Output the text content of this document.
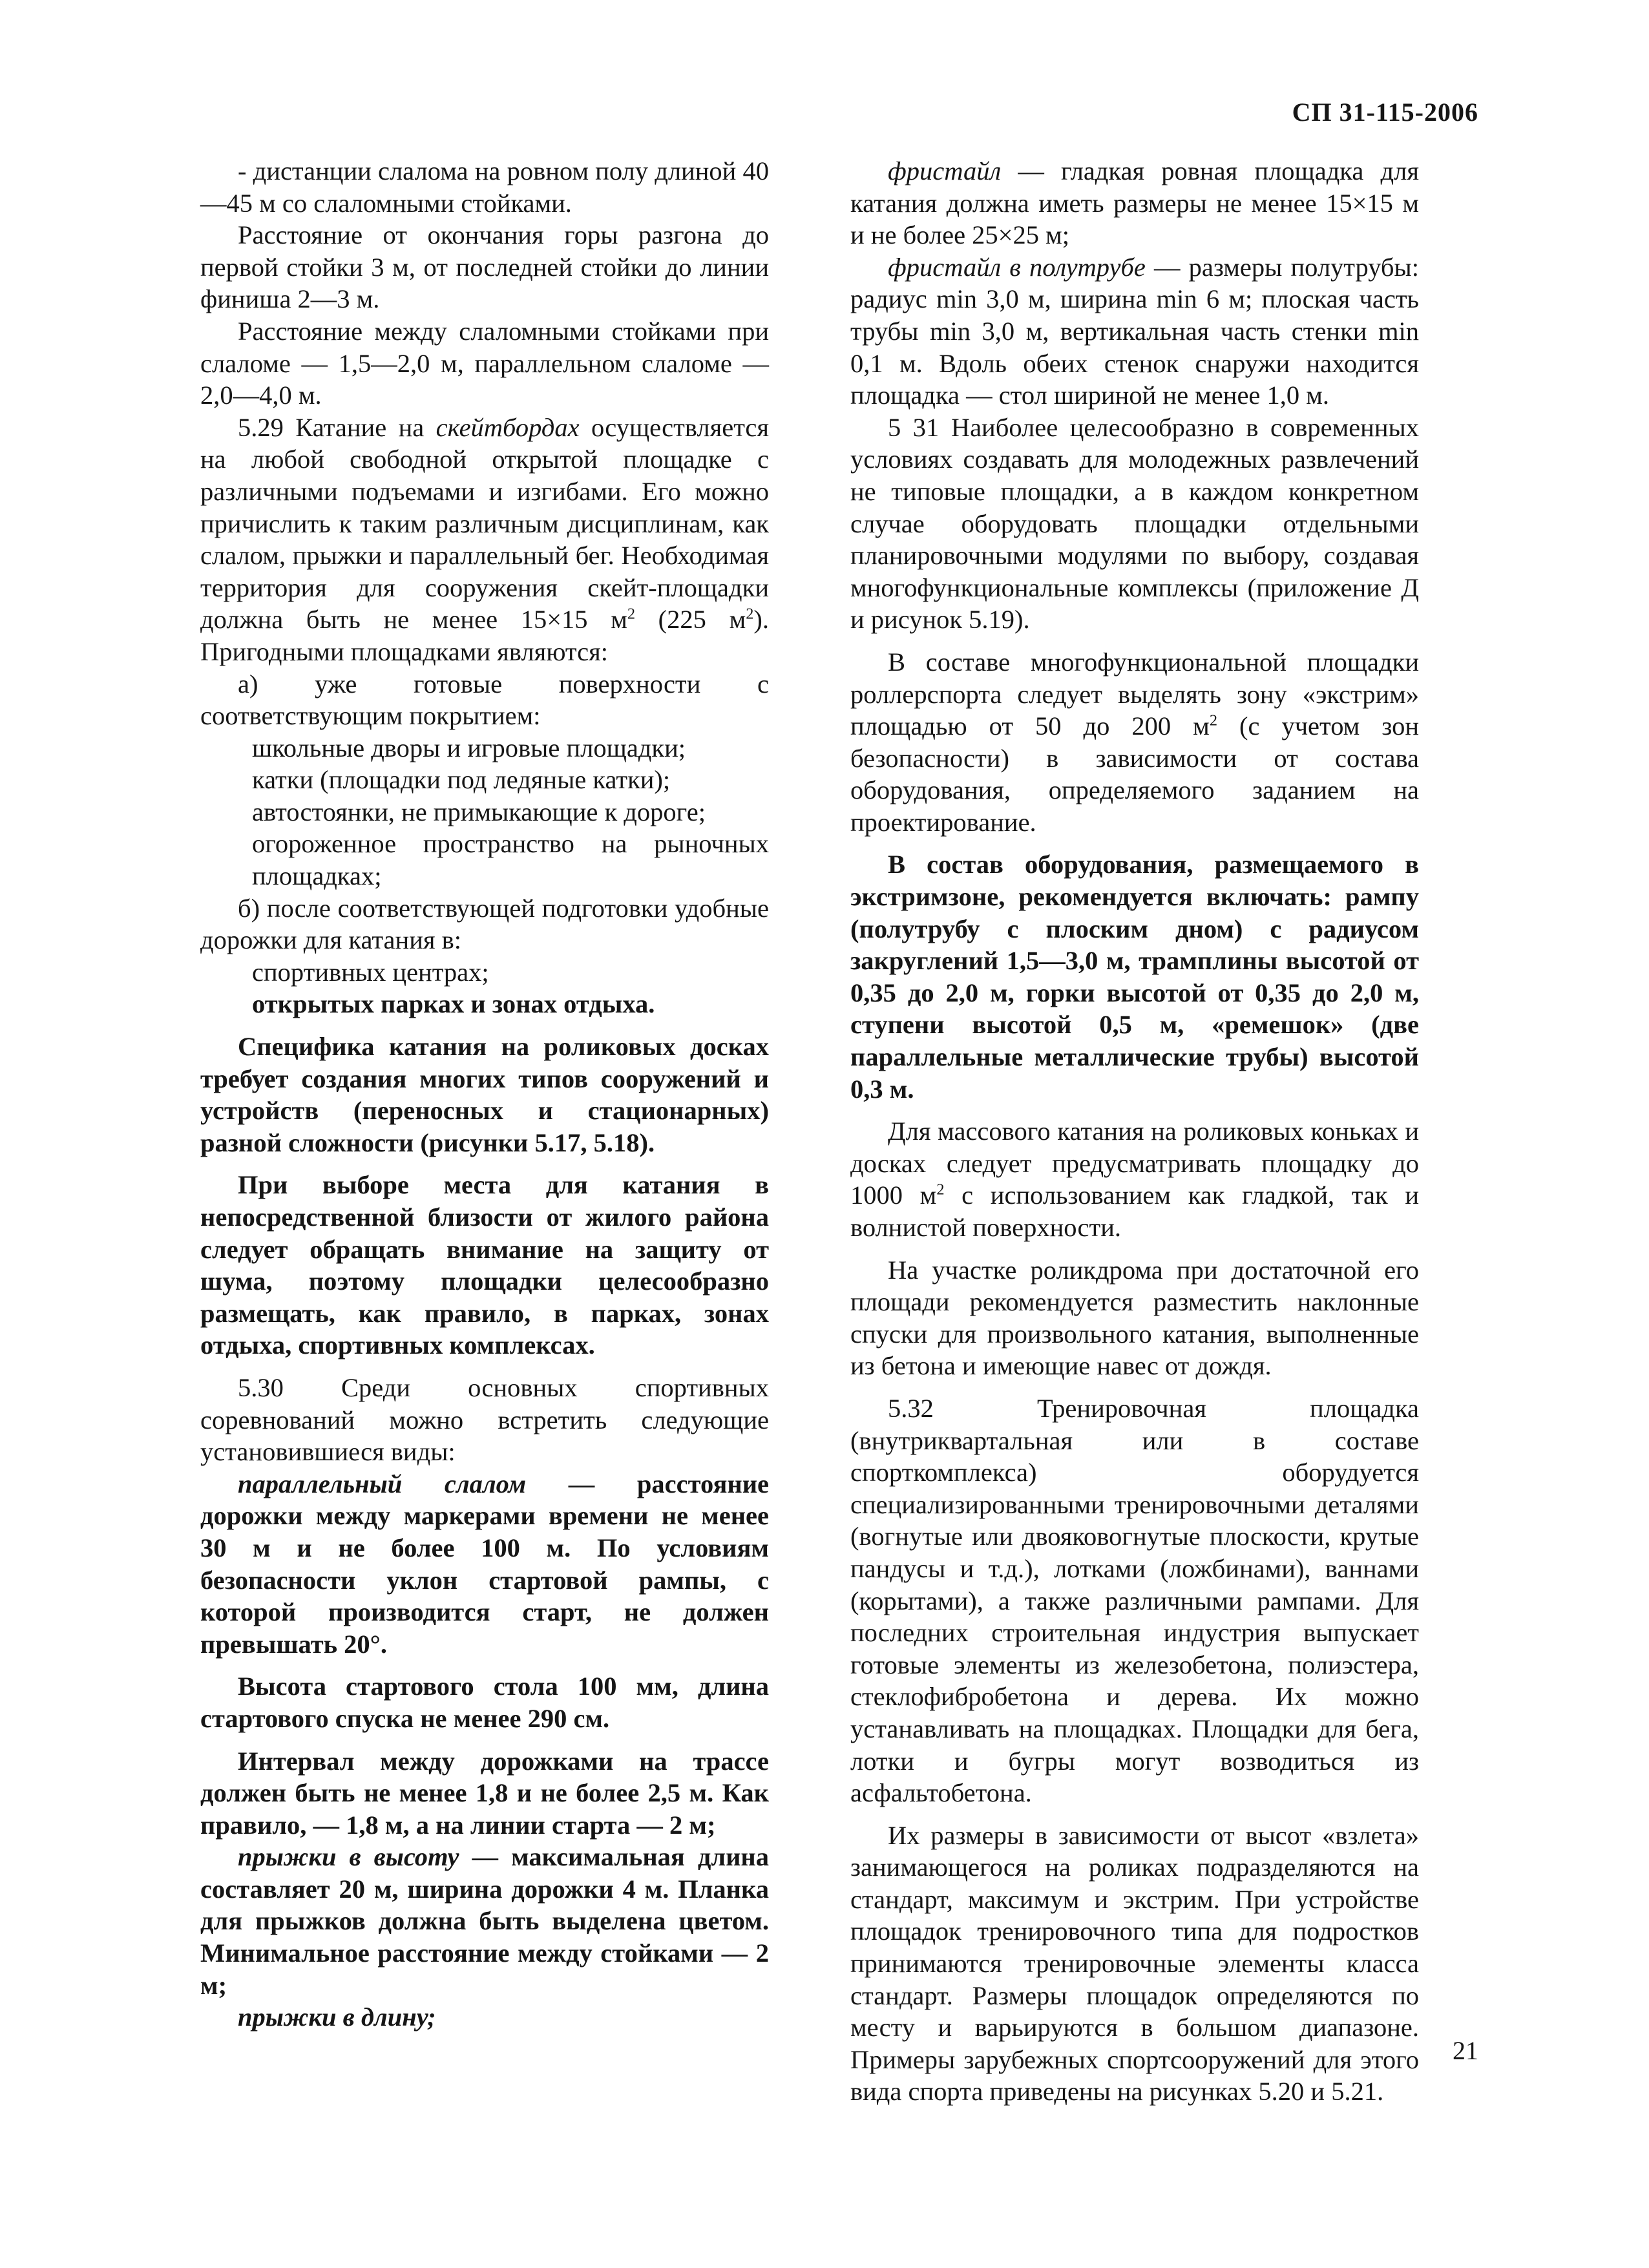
СП 31-115-2006

- дистанции слалома на ровном полу длиной 40—45 м со слаломными стойками.

Расстояние от окончания горы разгона до первой стойки 3 м, от последней стойки до линии финиша 2—3 м.

Расстояние между слаломными стойками при слаломе — 1,5—2,0 м, параллельном слаломе — 2,0—4,0 м.

5.29 Катание на скейтбордах осуществляется на любой свободной открытой площадке с различными подъемами и изгибами. Его можно причислить к таким различным дисциплинам, как слалом, прыжки и параллельный бег. Необходимая территория для сооружения скейт-площадки должна быть не менее 15×15 $м^2$ (225 $м^2$). Пригодными площадками являются:

а) уже готовые поверхности с соответствующим покрытием:

школьные дворы и игровые площадки;

катки (площадки под ледяные катки);

автостоянки, не примыкающие к дороге;

огороженное пространство на рыночных площадках;

б) после соответствующей подготовки удобные дорожки для катания в:

спортивных центрах;

открытых парках и зонах отдыха.

Специфика катания на роликовых досках требует создания многих типов сооружений и устройств (переносных и стационарных) разной сложности (рисунки 5.17, 5.18).

При выборе места для катания в непосредственной близости от жилого района следует обращать внимание на защиту от шума, поэтому площадки целесообразно размещать, как правило, в парках, зонах отдыха, спортивных комплексах.

5.30 Среди основных спортивных соревнований можно встретить следующие установившиеся виды:

параллельный слалом — расстояние дорожки между маркерами времени не менее 30 м и не более 100 м. По условиям безопасности уклон стартовой рампы, с которой производится старт, не должен превышать 20°.

Высота стартового стола 100 мм, длина стартового спуска не менее 290 см.

Интервал между дорожками на трассе должен быть не менее 1,8 и не более 2,5 м. Как правило, — 1,8 м, а на линии старта — 2 м;

прыжки в высоту — максимальная длина составляет 20 м, ширина дорожки 4 м. Планка для прыжков должна быть выделена цветом. Минимальное расстояние между стойками — 2 м;

прыжки в длину;

фристайл — гладкая ровная площадка для катания должна иметь размеры не менее 15×15 м и не более 25×25 м;

фристайл в полутрубе — размеры полутрубы: радиус min 3,0 м, ширина min 6 м; плоская часть трубы min 3,0 м, вертикальная часть стенки min 0,1 м. Вдоль обеих стенок снаружи находится площадка — стол шириной не менее 1,0 м.

5 31 Наиболее целесообразно в современных условиях создавать для молодежных развлечений не типовые площадки, а в каждом конкретном случае оборудовать площадки отдельными планировочными модулями по выбору, создавая многофункциональные комплексы (приложение Д и рисунок 5.19).

В составе многофункциональной площадки роллерспорта следует выделять зону «экстрим» площадью от 50 до 200 $м^2$ (с учетом зон безопасности) в зависимости от состава оборудования, определяемого заданием на проектирование.

В состав оборудования, размещаемого в экстримзоне, рекомендуется включать: рампу (полутрубу с плоским дном) с радиусом закруглений 1,5—3,0 м, трамплины высотой от 0,35 до 2,0 м, горки высотой от 0,35 до 2,0 м, ступени высотой 0,5 м, «ремешок» (две параллельные металлические трубы) высотой 0,3 м.

Для массового катания на роликовых коньках и досках следует предусматривать площадку до 1000 $м^2$ с использованием как гладкой, так и волнистой поверхности.

На участке роликдрома при достаточной его площади рекомендуется разместить наклонные спуски для произвольного катания, выполненные из бетона и имеющие навес от дождя.

5.32 Тренировочная площадка (внутриквартальная или в составе спорткомплекса) оборудуется специализированными тренировочными деталями (вогнутые или двояковогнутые плоскости, крутые пандусы и т.д.), лотками (ложбинами), ваннами (корытами), а также различными рампами. Для последних строительная индустрия выпускает готовые элементы из железобетона, полиэстера, стеклофибробетона и дерева. Их можно устанавливать на площадках. Площадки для бега, лотки и бугры могут возводиться из асфальтобетона.

Их размеры в зависимости от высот «взлета» занимающегося на роликах подразделяются на стандарт, максимум и экстрим. При устройстве площадок тренировочного типа для подростков принимаются тренировочные элементы класса стандарт. Размеры площадок определяются по месту и варьируются в большом диапазоне. Примеры зарубежных спортсооружений для этого вида спорта приведены на рисунках 5.20 и 5.21.

21
